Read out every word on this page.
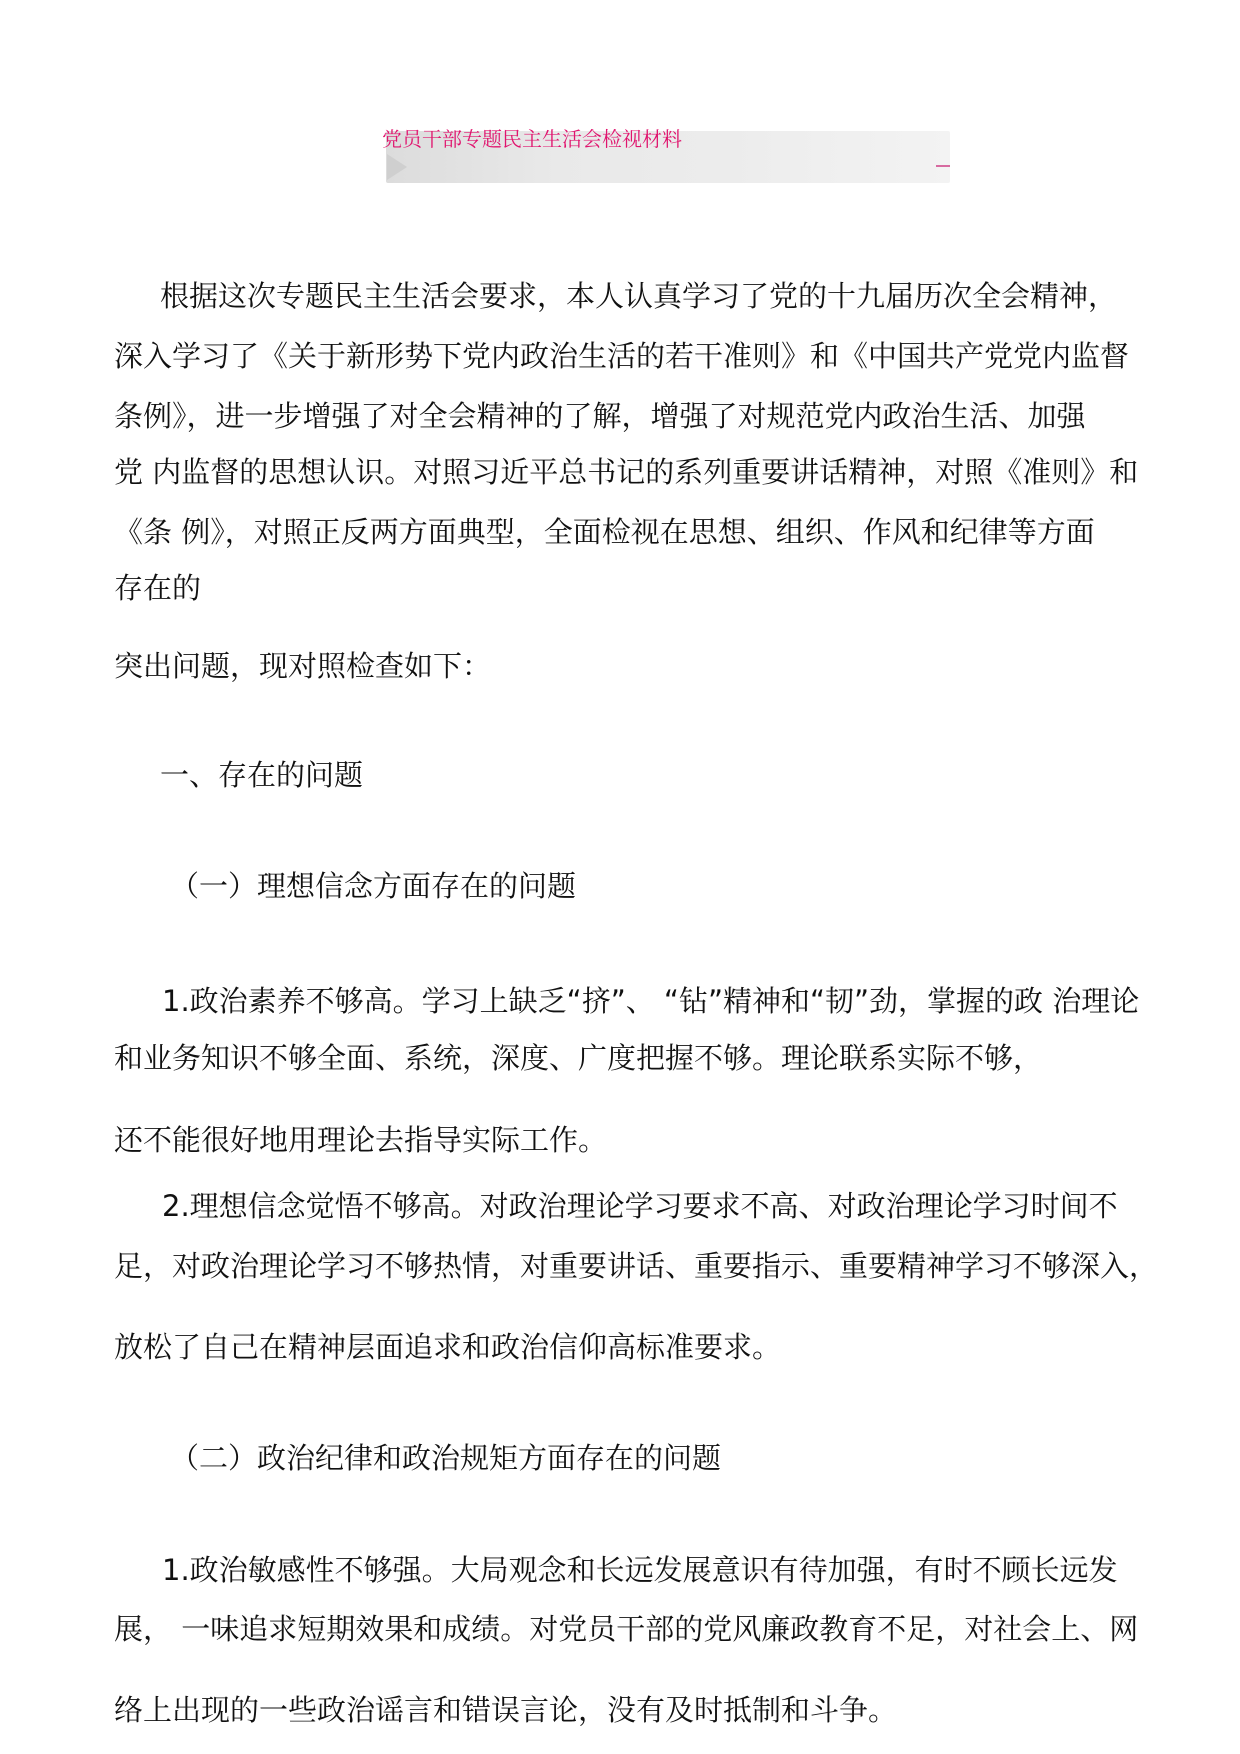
党员干部专题民主生活会检视材料
根据这次专题民主生活会要求，本人认真学习了党的十九届历次全会精神，
深入学习了《关于新形势下党内政治生活的若干准则》和《中国共产党党内监督
条例》，进一步增强了对全会精神的了解，增强了对规范党内政治生活、加强
党 内监督的思想认识。对照习近平总书记的系列重要讲话精神，对照《准则》和
《条 例》，对照正反两方面典型，全面检视在思想、组织、作风和纪律等方面
存在的
突出问题，现对照检查如下：
一、存在的问题
（一）理想信念方面存在的问题
1.政治素养不够高。学习上缺乏“挤”、 “钻”精神和“韧”劲，掌握的政 治理论
和业务知识不够全面、系统，深度、广度把握不够。理论联系实际不够，
还不能很好地用理论去指导实际工作。
2.理想信念觉悟不够高。对政治理论学习要求不高、对政治理论学习时间不
足，对政治理论学习不够热情，对重要讲话、重要指示、重要精神学习不够深入，
放松了自己在精神层面追求和政治信仰高标准要求。
（二）政治纪律和政治规矩方面存在的问题
1.政治敏感性不够强。大局观念和长远发展意识有待加强，有时不顾长远发
展， 一味追求短期效果和成绩。对党员干部的党风廉政教育不足，对社会上、网
络上出现的一些政治谣言和错误言论，没有及时抵制和斗争。
